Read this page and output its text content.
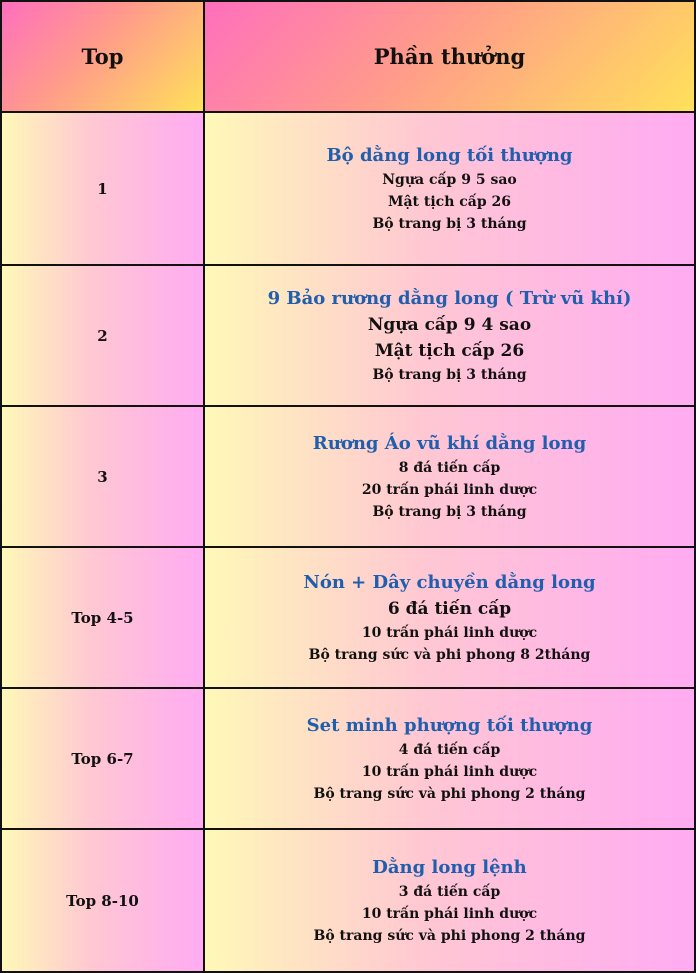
Top	Phần thưởng
1
Bộ dằng long tối thượng
Ngựa cấp 9 5 sao
Mật tịch cấp 26
Bộ trang bị 3 tháng
2
9 Bảo rương dằng long ( Trừ vũ khí)
Ngựa cấp 9 4 sao
Mật tịch cấp 26
Bộ trang bị 3 tháng
3
Rương Áo vũ khí dằng long
8 đá tiến cấp
20 trấn phái linh dược
Bộ trang bị 3 tháng
Top 4-5
Nón + Dây chuyền dằng long
6 đá tiến cấp
10 trấn phái linh dược
Bộ trang sức và phi phong 8 2tháng
Top 6-7
Set minh phượng tối thượng
4 đá tiến cấp
10 trấn phái linh dược
Bộ trang sức và phi phong 2 tháng
Top 8-10
Dằng long lệnh
3 đá tiến cấp
10 trấn phái linh dược
Bộ trang sức và phi phong 2 tháng
